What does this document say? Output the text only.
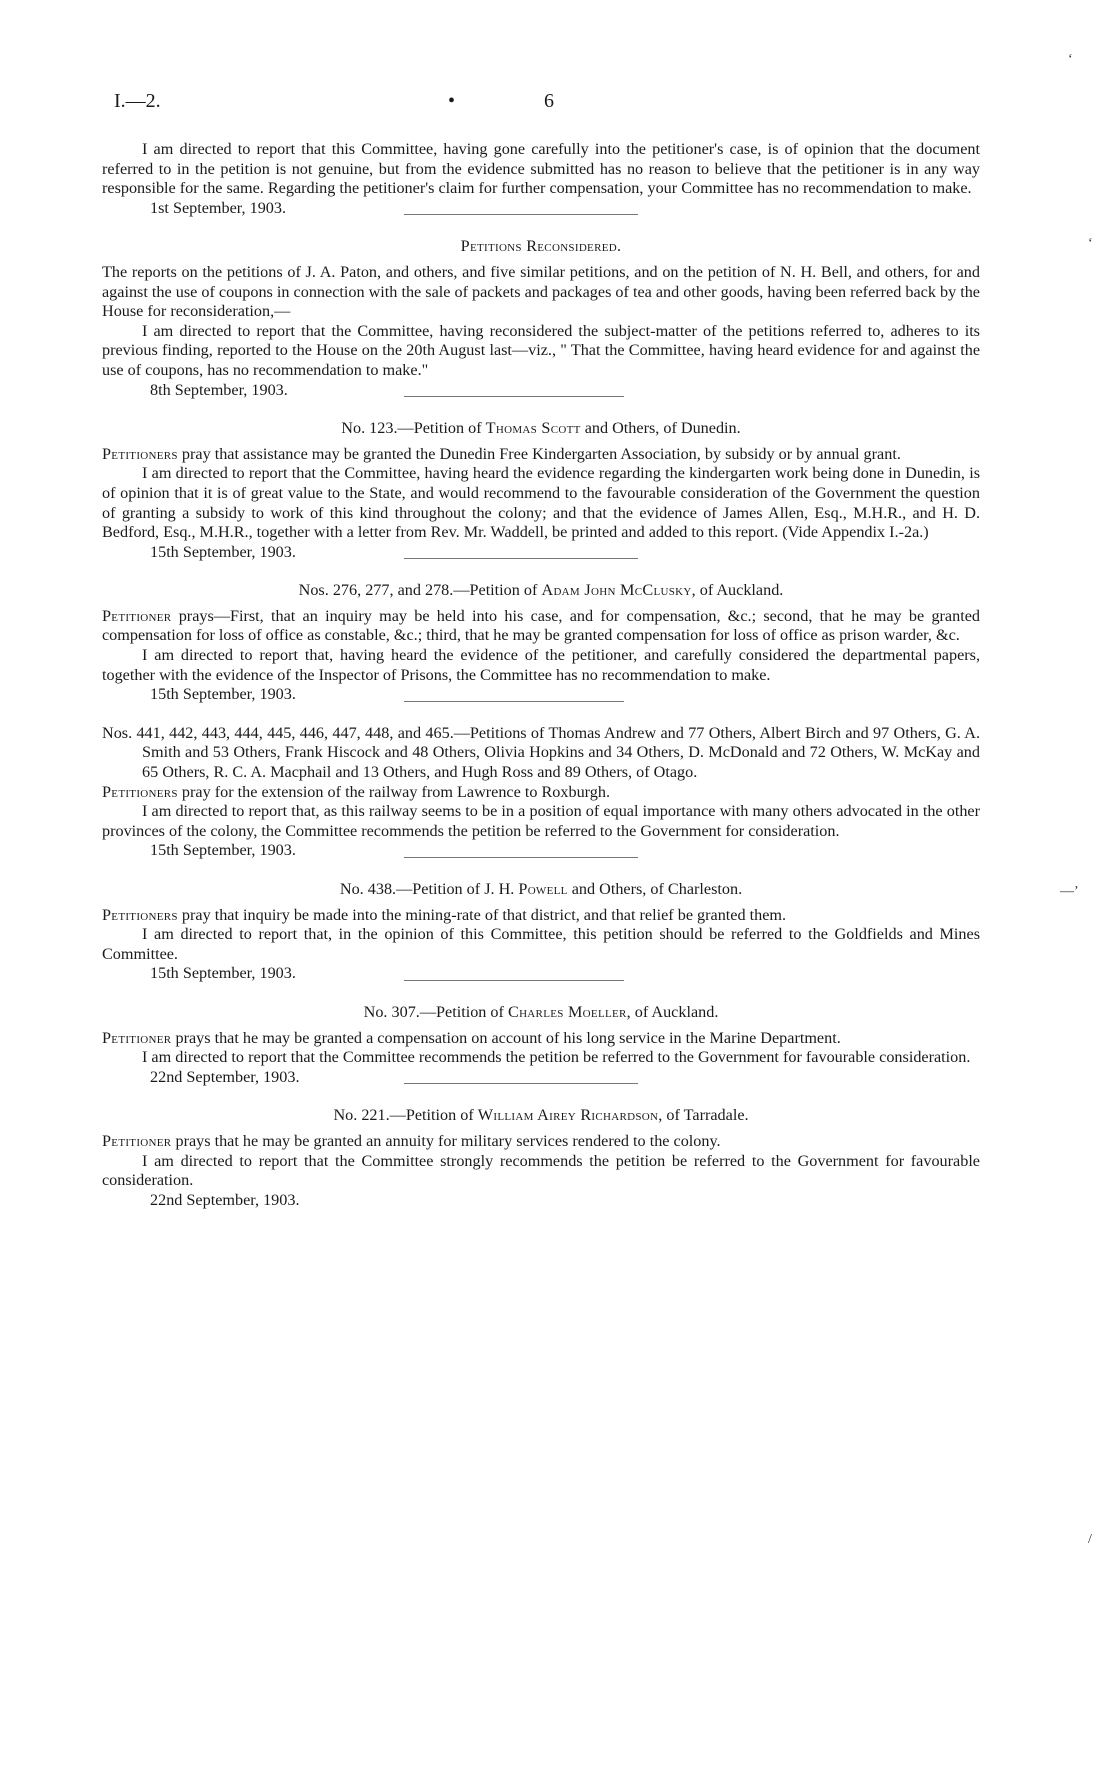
I.—2.	•	6

I am directed to report that this Committee, having gone carefully into the petitioner's case, is of opinion that the document referred to in the petition is not genuine, but from the evidence submitted has no reason to believe that the petitioner is in any way responsible for the same. Regarding the petitioner's claim for further compensation, your Committee has no recommendation to make.

1st September, 1903.

Petitions Reconsidered.

The reports on the petitions of J. A. Paton, and others, and five similar petitions, and on the petition of N. H. Bell, and others, for and against the use of coupons in connection with the sale of packets and packages of tea and other goods, having been referred back by the House for reconsideration,—

I am directed to report that the Committee, having reconsidered the subject-matter of the petitions referred to, adheres to its previous finding, reported to the House on the 20th August last—viz., " That the Committee, having heard evidence for and against the use of coupons, has no recommendation to make."

8th September, 1903.

No. 123.—Petition of Thomas Scott and Others, of Dunedin.

Petitioners pray that assistance may be granted the Dunedin Free Kindergarten Association, by subsidy or by annual grant.

I am directed to report that the Committee, having heard the evidence regarding the kindergarten work being done in Dunedin, is of opinion that it is of great value to the State, and would recommend to the favourable consideration of the Government the question of granting a subsidy to work of this kind throughout the colony; and that the evidence of James Allen, Esq., M.H.R., and H. D. Bedford, Esq., M.H.R., together with a letter from Rev. Mr. Waddell, be printed and added to this report. (Vide Appendix I.-2a.)

15th September, 1903.

Nos. 276, 277, and 278.—Petition of Adam John McClusky, of Auckland.

Petitioner prays—First, that an inquiry may be held into his case, and for compensation, &c.; second, that he may be granted compensation for loss of office as constable, &c.; third, that he may be granted compensation for loss of office as prison warder, &c.

I am directed to report that, having heard the evidence of the petitioner, and carefully considered the departmental papers, together with the evidence of the Inspector of Prisons, the Committee has no recommendation to make.

15th September, 1903.

Nos. 441, 442, 443, 444, 445, 446, 447, 448, and 465.—Petitions of Thomas Andrew and 77 Others, Albert Birch and 97 Others, G. A. Smith and 53 Others, Frank Hiscock and 48 Others, Olivia Hopkins and 34 Others, D. McDonald and 72 Others, W. McKay and 65 Others, R. C. A. Macphail and 13 Others, and Hugh Ross and 89 Others, of Otago.

Petitioners pray for the extension of the railway from Lawrence to Roxburgh.

I am directed to report that, as this railway seems to be in a position of equal importance with many others advocated in the other provinces of the colony, the Committee recommends the petition be referred to the Government for consideration.

15th September, 1903.

No. 438.—Petition of J. H. Powell and Others, of Charleston.

Petitioners pray that inquiry be made into the mining-rate of that district, and that relief be granted them.

I am directed to report that, in the opinion of this Committee, this petition should be referred to the Goldfields and Mines Committee.

15th September, 1903.

No. 307.—Petition of Charles Moeller, of Auckland.

Petitioner prays that he may be granted a compensation on account of his long service in the Marine Department.

I am directed to report that the Committee recommends the petition be referred to the Government for favourable consideration.

22nd September, 1903.

No. 221.—Petition of William Airey Richardson, of Tarradale.

Petitioner prays that he may be granted an annuity for military services rendered to the colony.

I am directed to report that the Committee strongly recommends the petition be referred to the Government for favourable consideration.

22nd September, 1903.

‘
‘
—’
/
